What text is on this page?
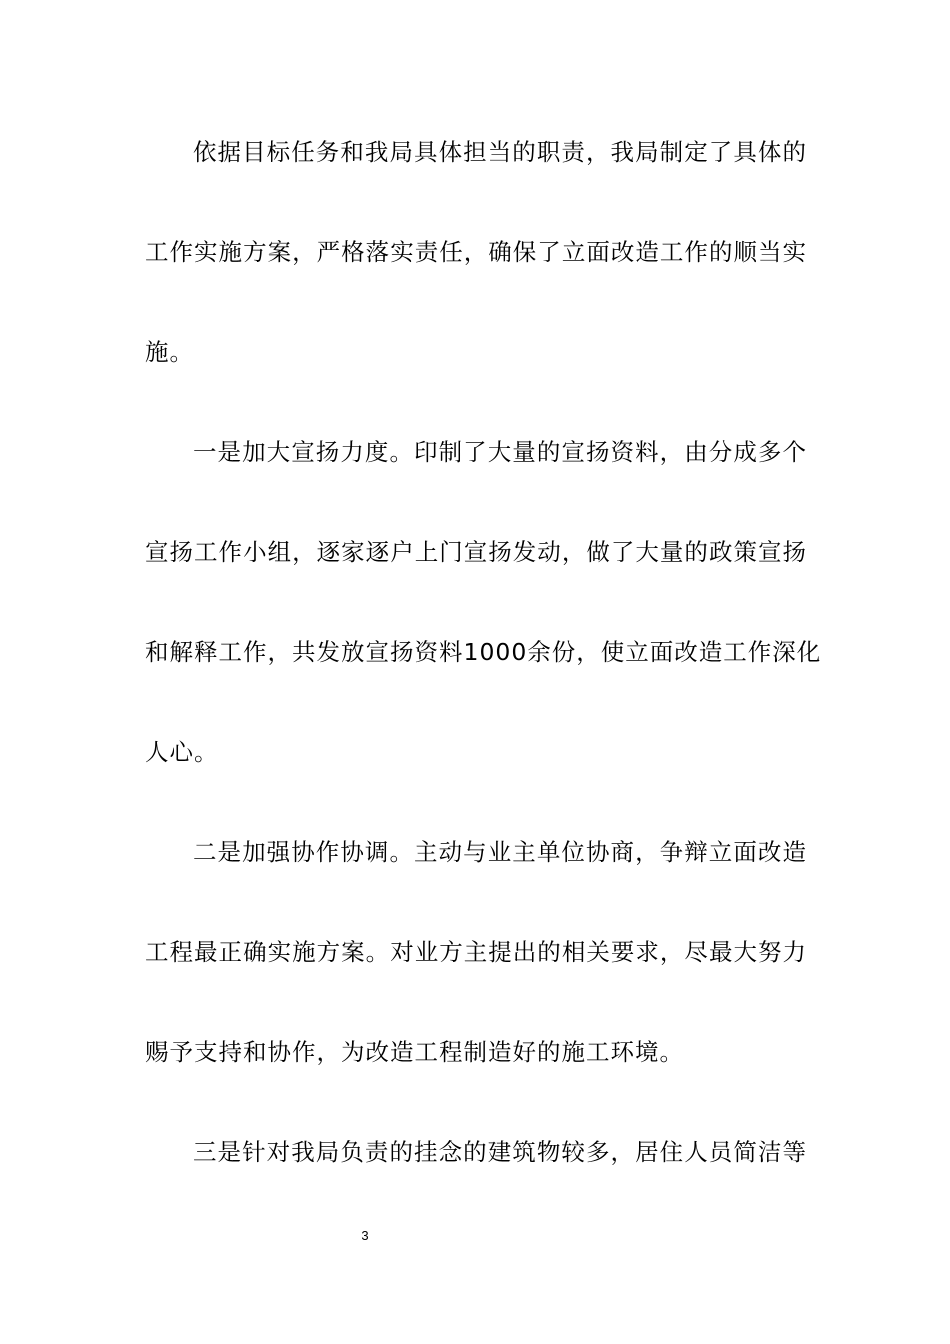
依据目标任务和我局具体担当的职责，我局制定了具体的
工作实施方案，严格落实责任，确保了立面改造工作的顺当实
施。
一是加大宣扬力度。印制了大量的宣扬资料，由分成多个
宣扬工作小组，逐家逐户上门宣扬发动，做了大量的政策宣扬
和解释工作，共发放宣扬资料1000余份，使立面改造工作深化
人心。
二是加强协作协调。主动与业主单位协商，争辩立面改造
工程最正确实施方案。对业方主提出的相关要求，尽最大努力
赐予支持和协作，为改造工程制造好的施工环境。
三是针对我局负责的挂念的建筑物较多，居住人员简洁等
3
